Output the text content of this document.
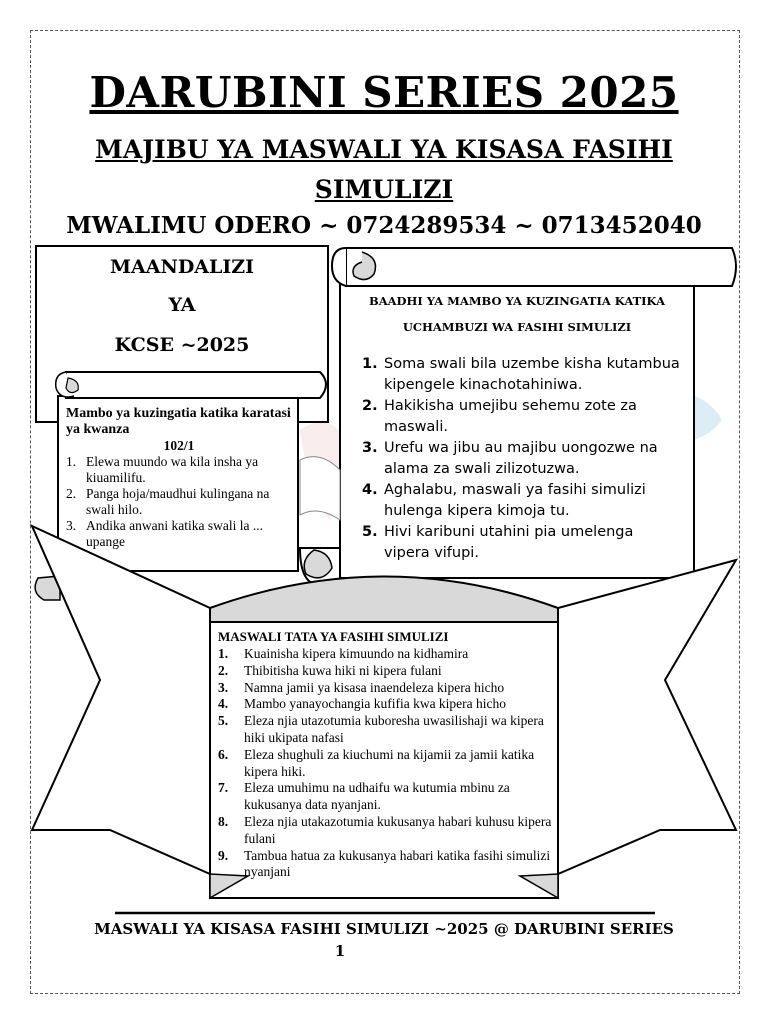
DARUBINI SERIES 2025
MAJIBU YA MASWALI YA KISASA FASIHI SIMULIZI
MWALIMU ODERO ~ 0724289534 ~ 0713452040
MAANDALIZI
YA
KCSE ~2025
BAADHI YA MAMBO YA KUZINGATIA KATIKA
UCHAMBUZI WA FASIHI SIMULIZI
1. Soma swali bila uzembe kisha kutambua kipengele kinachotahiniwa.
2. Hakikisha umejibu sehemu zote za maswali.
3. Urefu wa jibu au majibu uongozwe na alama za swali zilizotuzwa.
4. Aghalabu, maswali ya fasihi simulizi hulenga kipera kimoja tu.
5. Hivi karibuni utahini pia umelenga vipera vifupi.
Mambo ya kuzingatia katika karatasi ya kwanza
102/1
1. Elewa muundo wa kila insha ya kiuamilifu.
2. Panga hoja/maudhui kulingana na swali hilo.
3. Andika anwani katika swali la ... upange
MASWALI TATA YA FASIHI SIMULIZI
1.	Kuainisha kipera kimuundo na kidhamira
2.	Thibitisha kuwa hiki ni kipera fulani
3.	Namna jamii ya kisasa inaendeleza kipera hicho
4.	Mambo yanayochangia kufifia kwa kipera hicho
5.	Eleza njia utazotumia kuboresha uwasilishaji wa kipera hiki ukipata nafasi
6.	Eleza shughuli za kiuchumi na kijamii za jamii katika kipera hiki.
7.	Eleza umuhimu na udhaifu wa kutumia mbinu za kukusanya data nyanjani.
8.	Eleza njia utakazotumia kukusanya habari kuhusu kipera fulani
9.	Tambua hatua za kukusanya habari katika fasihi simulizi nyanjani
MASWALI YA KISASA FASIHI SIMULIZI ~2025 @ DARUBINI SERIES
1
